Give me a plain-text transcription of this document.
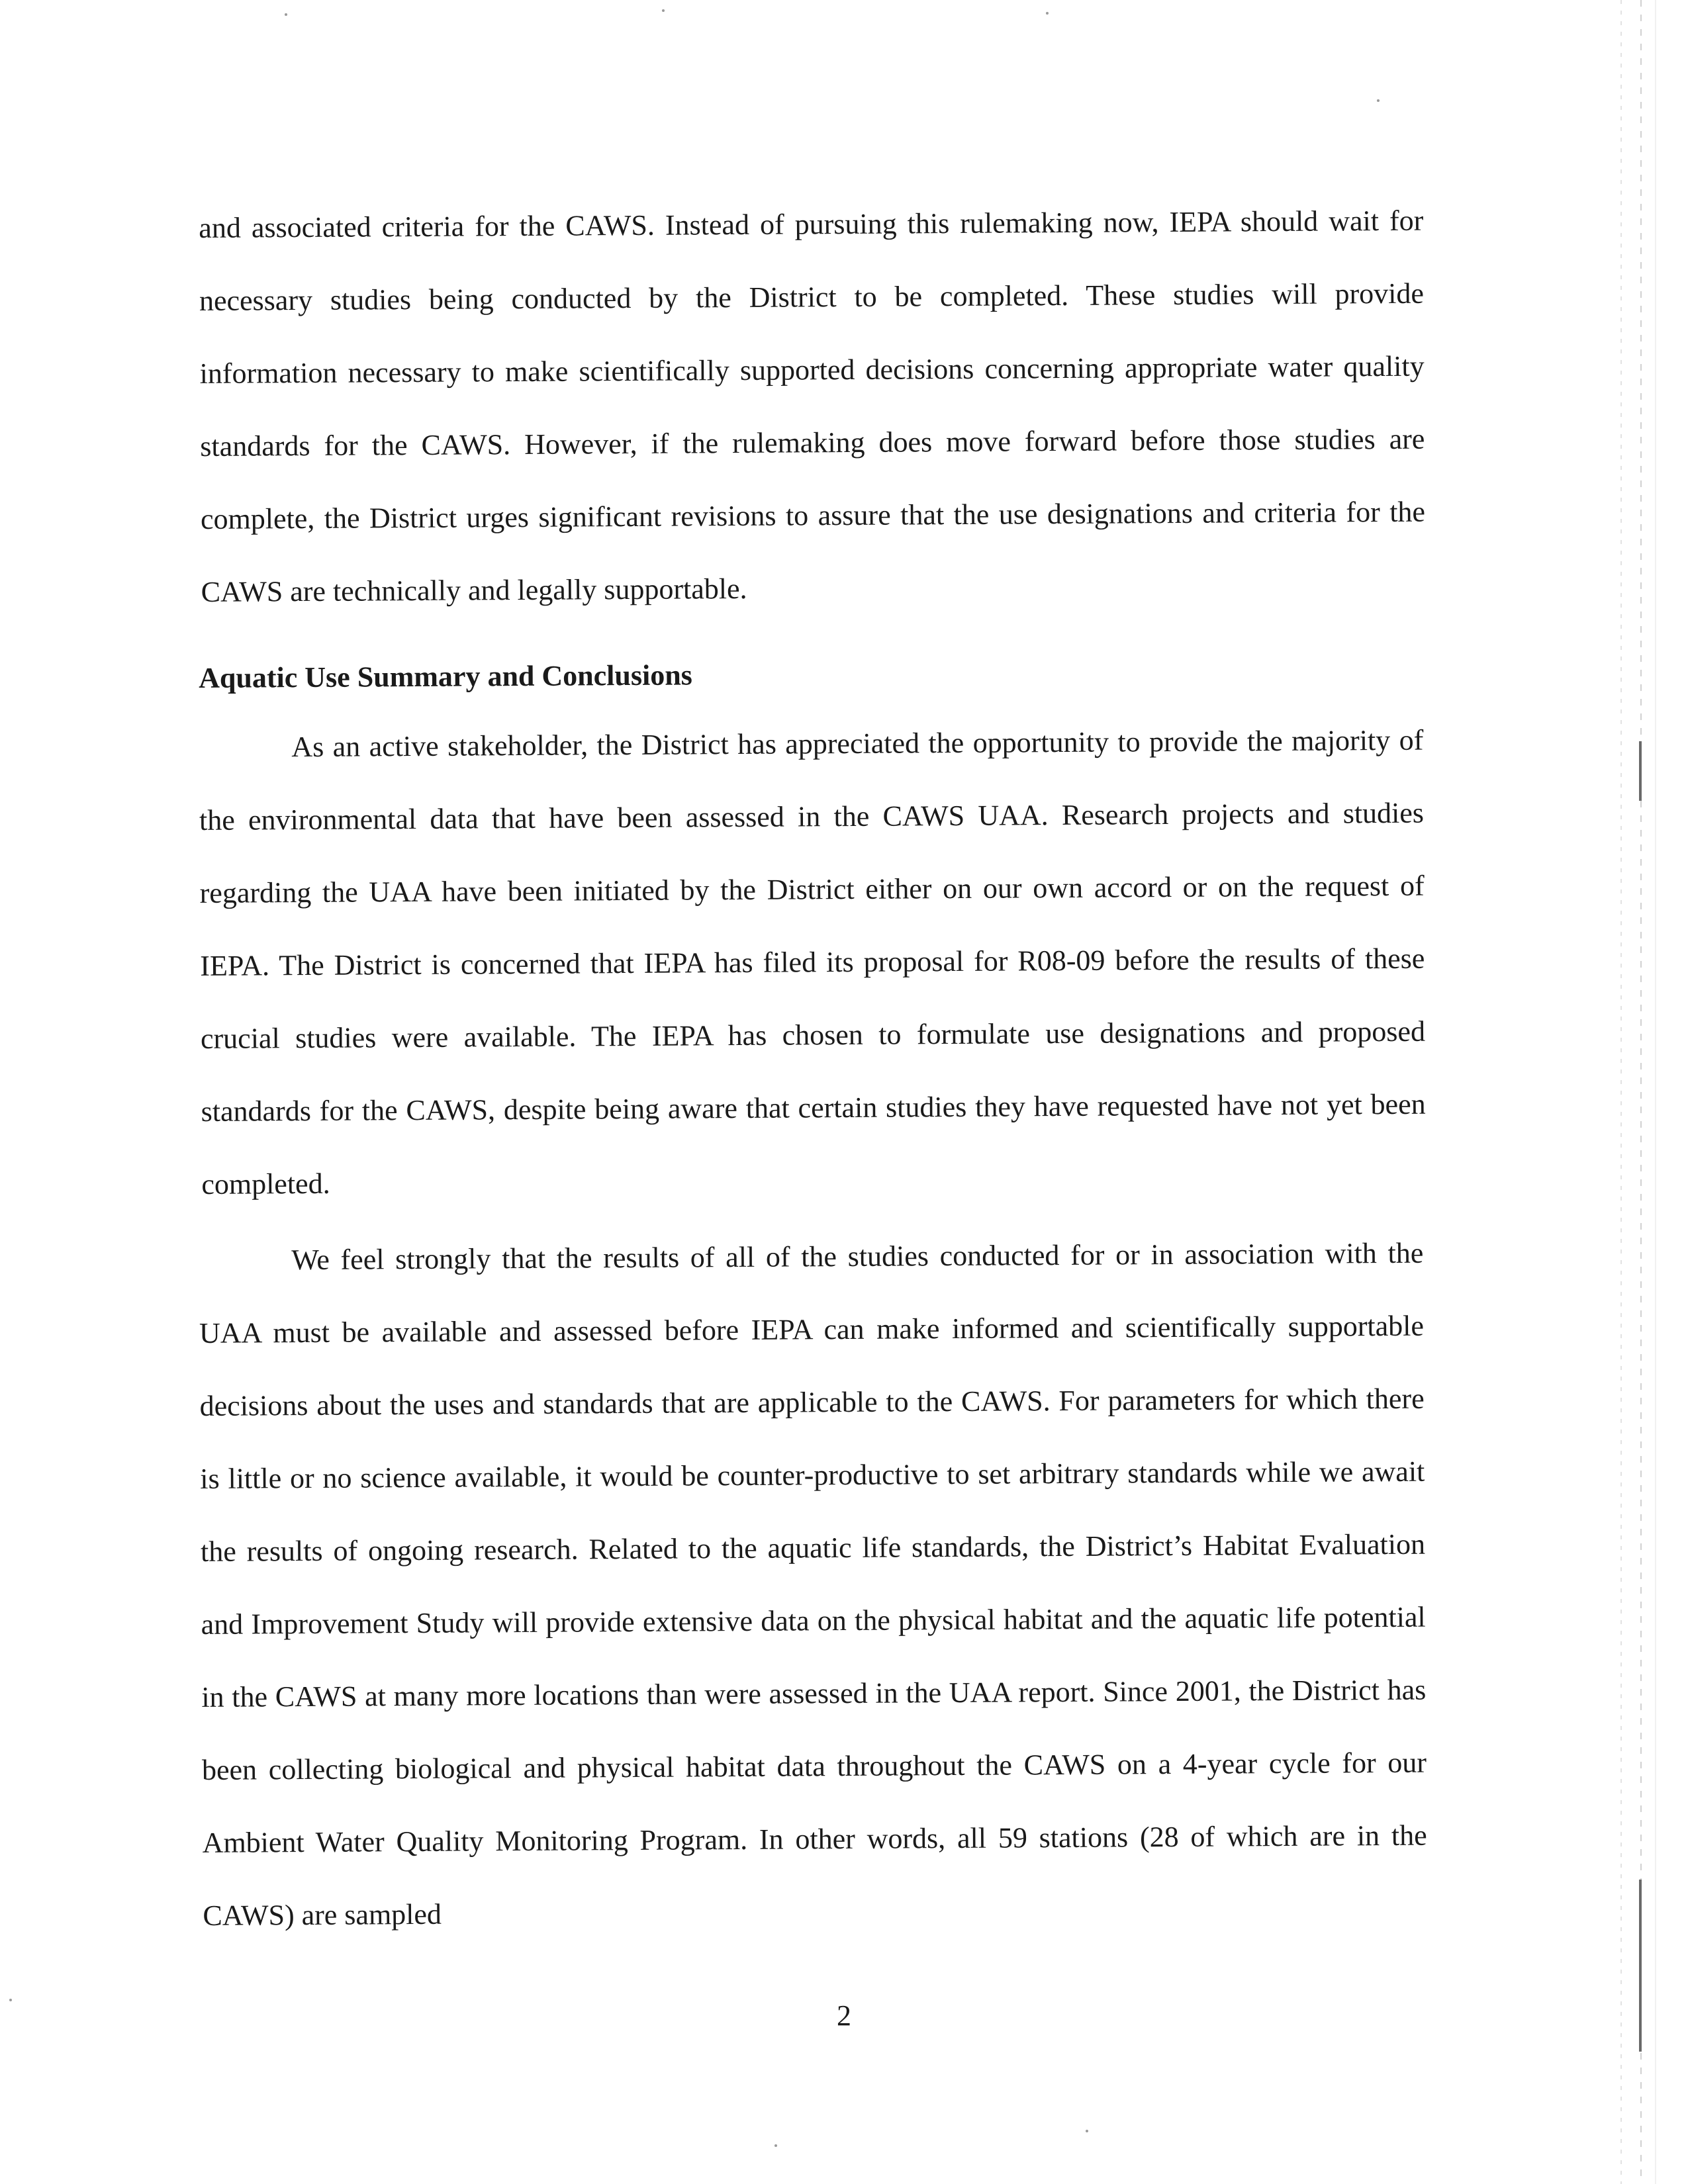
and associated criteria for the CAWS. Instead of pursuing this rulemaking now, IEPA should wait for necessary studies being conducted by the District to be completed. These studies will provide information necessary to make scientifically supported decisions concerning appropriate water quality standards for the CAWS. However, if the rulemaking does move forward before those studies are complete, the District urges significant revisions to assure that the use designations and criteria for the CAWS are technically and legally supportable.

Aquatic Use Summary and Conclusions

As an active stakeholder, the District has appreciated the opportunity to provide the majority of the environmental data that have been assessed in the CAWS UAA. Research projects and studies regarding the UAA have been initiated by the District either on our own accord or on the request of IEPA. The District is concerned that IEPA has filed its proposal for R08-09 before the results of these crucial studies were available. The IEPA has chosen to formulate use designations and proposed standards for the CAWS, despite being aware that certain studies they have requested have not yet been completed.

We feel strongly that the results of all of the studies conducted for or in association with the UAA must be available and assessed before IEPA can make informed and scientifically supportable decisions about the uses and standards that are applicable to the CAWS. For parameters for which there is little or no science available, it would be counter-productive to set arbitrary standards while we await the results of ongoing research. Related to the aquatic life standards, the District’s Habitat Evaluation and Improvement Study will provide extensive data on the physical habitat and the aquatic life potential in the CAWS at many more locations than were assessed in the UAA report. Since 2001, the District has been collecting biological and physical habitat data throughout the CAWS on a 4-year cycle for our Ambient Water Quality Monitoring Program. In other words, all 59 stations (28 of which are in the CAWS) are sampled

2
